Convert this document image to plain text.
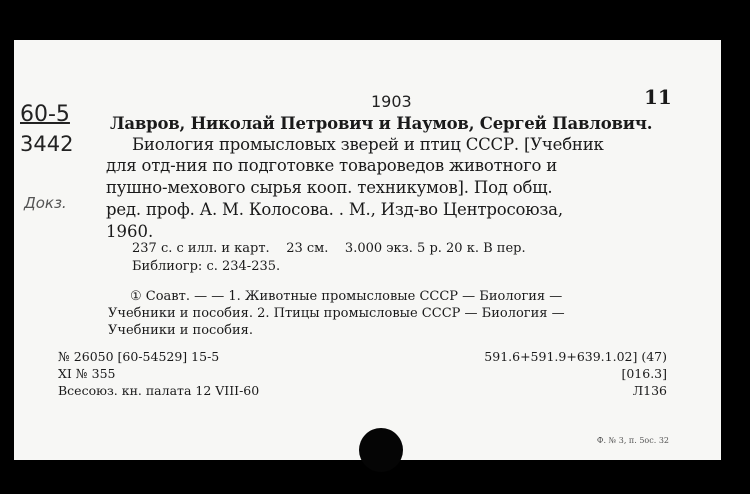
60-5
3442
Докз.
1903	11
Лавров, Николай Петрович и Наумов, Сергей Павлович.
Биология промысловых зверей и птиц СССР. [Учебник
для отд-ния по подготовке товароведов животного и
пушно-мехового сырья кооп. техникумов]. Под общ.
ред. проф. А. М. Колосова. . М., Изд-во Центросоюза,
1960.
237 с. с илл. и карт.    23 см.    3.000 экз. 5 р. 20 к. В пер.
Библиогр: с. 234-235.
① Соавт. — — 1. Животные промысловые СССР — Биология —
Учебники и пособия. 2. Птицы промысловые СССР — Биология —
Учебники и пособия.
№ 26050 [60-54529] 15-5
XI № 355
Всесоюз. кн. палата 12 VIII-60
591.6+591.9+639.1.02] (47)
[016.3]
Л136
Ф. № 3, п. 5ос. 32
